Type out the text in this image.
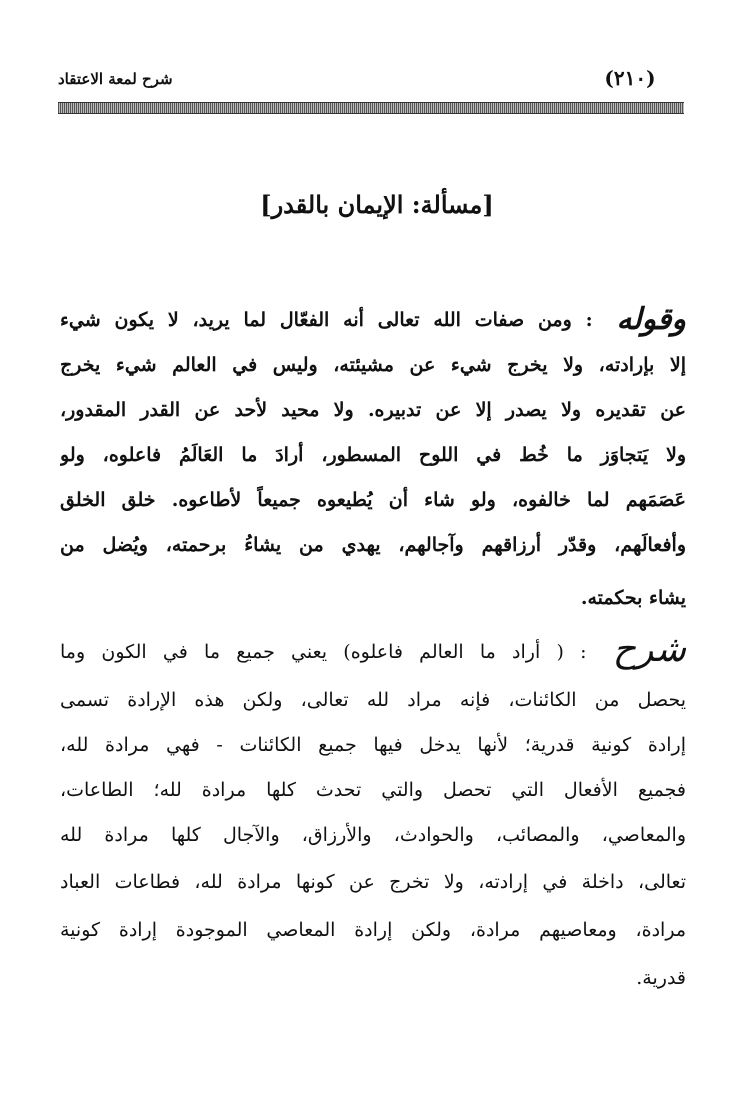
(٢١٠)
شرح لمعة الاعتقاد
[مسألة: الإيمان بالقدر]
وقوله : ومن صفات الله تعالى أنه الفعّال لما يريد، لا يكون شيء
إلا بإرادته، ولا يخرج شيء عن مشيئته، وليس في العالم شيء يخرج
عن تقديره ولا يصدر إلا عن تدبيره. ولا محيد لأحد عن القدر المقدور،
ولا يَتجاوَز ما خُط في اللوح المسطور، أرادَ ما العَالَمُ فاعلوه، ولو
عَصَمَهم لما خالفوه، ولو شاء أن يُطيعوه جميعاً لأطاعوه. خلق الخلق
وأفعالَهم، وقدّر أرزاقهم وآجالهم، يهدي من يشاءُ برحمته، ويُضل من
يشاء بحكمته.
شرح : ( أراد ما العالم فاعلوه) يعني جميع ما في الكون وما
يحصل من الكائنات، فإنه مراد لله تعالى، ولكن هذه الإرادة تسمى
إرادة كونية قدرية؛ لأنها يدخل فيها جميع الكائنات - فهي مرادة لله،
فجميع الأفعال التي تحصل والتي تحدث كلها مرادة لله؛ الطاعات،
والمعاصي، والمصائب، والحوادث، والأرزاق، والآجال كلها مرادة لله
تعالى، داخلة في إرادته، ولا تخرج عن كونها مرادة لله، فطاعات العباد
مرادة، ومعاصيهم مرادة، ولكن إرادة المعاصي الموجودة إرادة كونية
قدرية.
